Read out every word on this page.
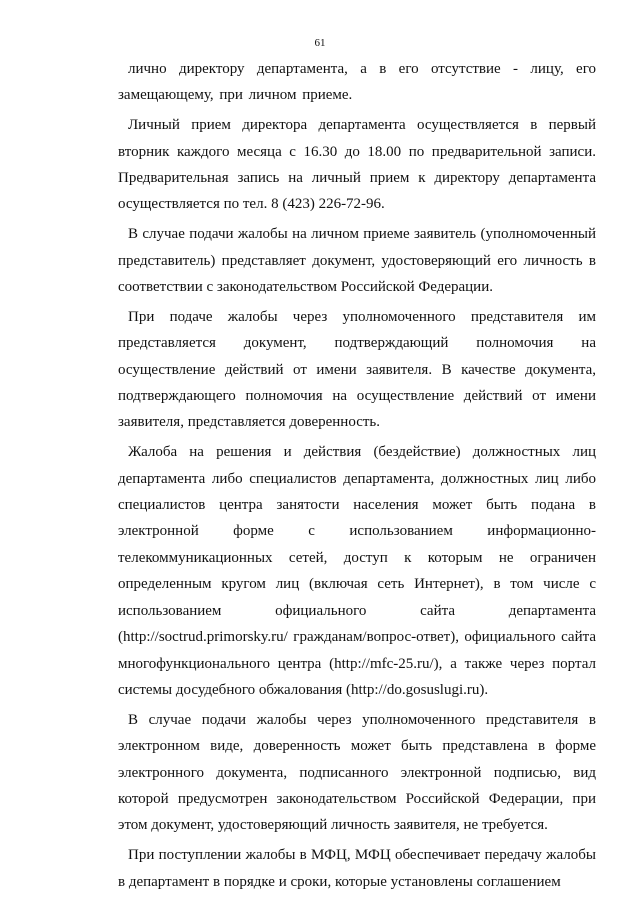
61

лично директору департамента, а в его отсутствие - лицу, его замещающему, при личном приеме.

Личный прием директора департамента осуществляется в первый вторник каждого месяца с 16.30 до 18.00 по предварительной записи. Предварительная запись на личный прием к директору департамента осуществляется по тел. 8 (423) 226-72-96.

В случае подачи жалобы на личном приеме заявитель (уполномоченный представитель) представляет документ, удостоверяющий его личность в соответствии с законодательством Российской Федерации.

При подаче жалобы через уполномоченного представителя им представляется документ, подтверждающий полномочия на осуществление действий от имени заявителя. В качестве документа, подтверждающего полномочия на осуществление действий от имени заявителя, представляется доверенность.

Жалоба на решения и действия (бездействие) должностных лиц департамента либо специалистов департамента, должностных лиц либо специалистов центра занятости населения может быть подана в электронной форме с использованием информационно-телекоммуникационных сетей, доступ к которым не ограничен определенным кругом лиц (включая сеть Интернет), в том числе с использованием официального сайта департамента (http://soctrud.primorsky.ru/ гражданам/вопрос-ответ), официального сайта многофункционального центра (http://mfc-25.ru/), а также через портал системы досудебного обжалования (http://do.gosuslugi.ru).

В случае подачи жалобы через уполномоченного представителя в электронном виде, доверенность может быть представлена в форме электронного документа, подписанного электронной подписью, вид которой предусмотрен законодательством Российской Федерации, при этом документ, удостоверяющий личность заявителя, не требуется.

При поступлении жалобы в МФЦ, МФЦ обеспечивает передачу жалобы в департамент в порядке и сроки, которые установлены соглашением
